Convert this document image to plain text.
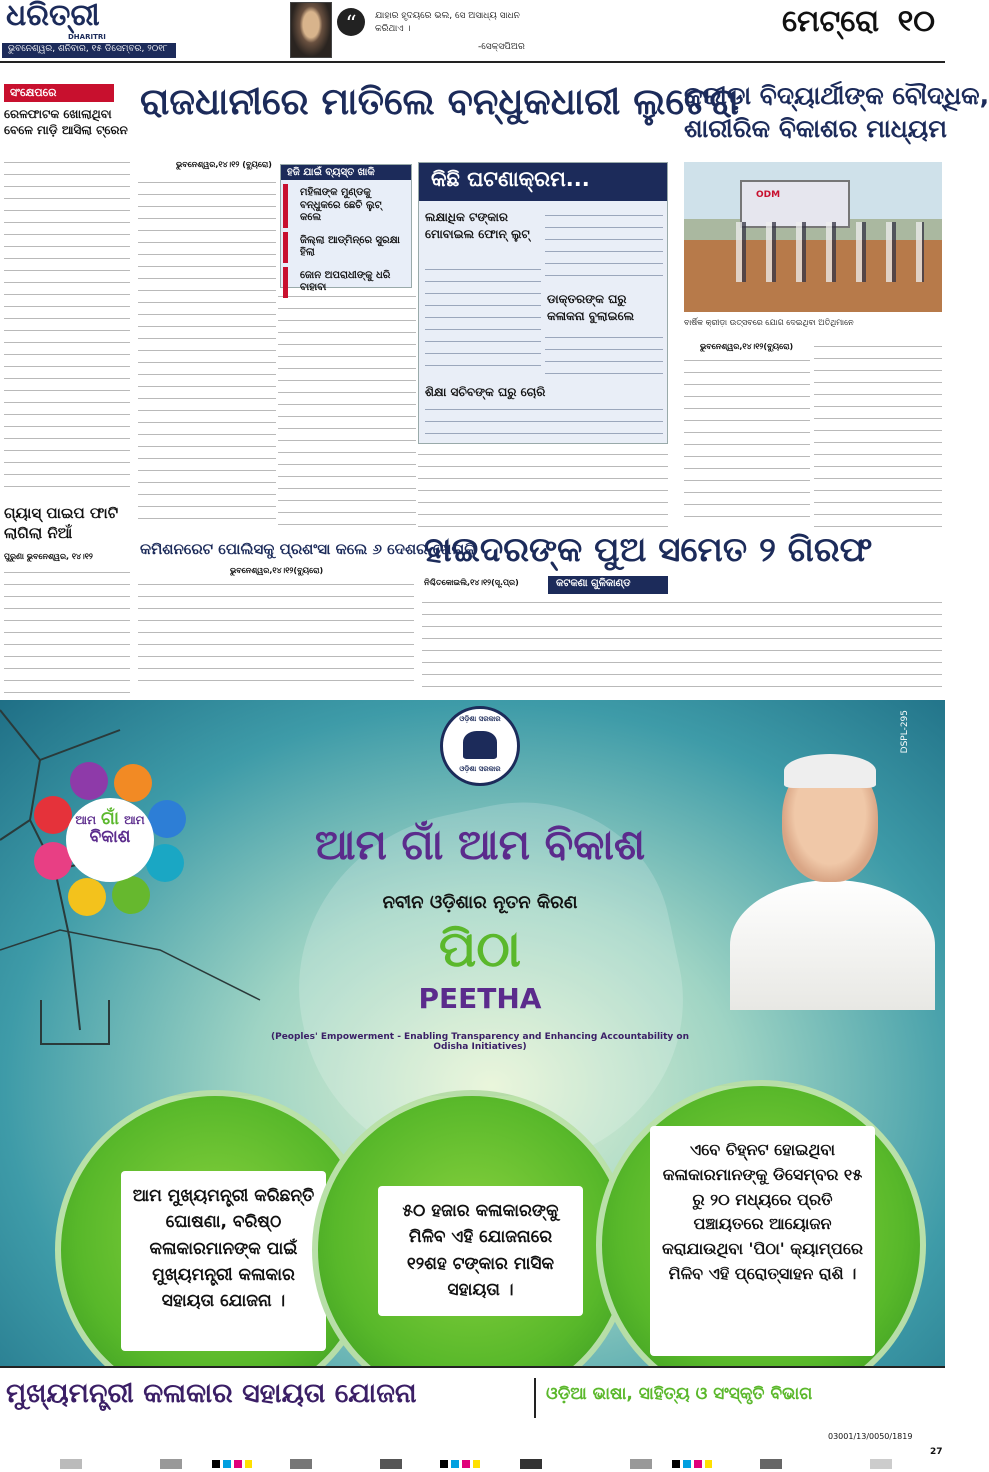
ଧରିତ୍ରୀ
DHARITRI
ଭୁବନେଶ୍ୱର, ଶନିବାର, ୧୫ ଡିସେମ୍ବର, ୨୦୧୮
“	ଯାହାର ହୃଦୟରେ ଭଲ, ସେ ଅସାଧ୍ୟ ସାଧନ କରିଥାଏ ।
-ସେକ୍ସପିଅର
ମେଟ୍ରୋ ୧୦
ସଂକ୍ଷେପରେ
ରେଳଫାଟକ ଖୋଲାଥିବା ବେଳେ ମାଡ଼ି ଆସିଲା ଟ୍ରେନ
ଗ୍ୟାସ୍ ପାଇପ ଫାଟି ଲାଗିଲା ନିଆଁ
ପୁରୁଣା ଭୁବନେଶ୍ୱର, ୧୪।୧୨
ରାଜଧାନୀରେ ମାତିଲେ ବନ୍ଧୁକଧାରୀ ଲୁଟେରା
ଭୁବନେଶ୍ୱର,୧୪।୧୨ (ବ୍ୟୁରୋ)
ହଜି ଯାଇଁ ବ୍ୟସ୍ତ ଖାକି
ମହିଳାଙ୍କ ମୁଣ୍ଡକୁ ବନ୍ଧୁକରେ ଛେଚି ଲୁଟ୍ କଲେ
ଜିଲ୍ଲା ଆଡ୍‌ମିନ୍‌ରେ ସୁରକ୍ଷା ହିଲା
ଜୋନ ଅପରାଧୀଙ୍କୁ ଧରି ବାହାବା
କିଛି ଘଟଣାକ୍ରମ...
ଲକ୍ଷାଧିକ ଟଙ୍କାର ମୋବାଇଲ ଫୋନ୍ ଲୁଟ୍
ଡାକ୍ତରଙ୍କ ଘରୁ କଳାକନା ବୁଲାଇଲେ
ଶିକ୍ଷା ସଚିବଙ୍କ ଘରୁ ଚୋରି
କ୍ରୀଡ଼ା ବିଦ୍ୟାର୍ଥୀଙ୍କ ବୌଦ୍ଧିକ,
ଶାରୀରିକ ବିକାଶର ମାଧ୍ୟମ
ODM
ବାର୍ଷିକ କ୍ରୀଡ଼ା ଉତ୍ସବରେ ଯୋଗ ଦେଇଥିବା ଅତିଥିମାନେ
ଭୁବନେଶ୍ୱର,୧୪।୧୨(ବ୍ୟୁରୋ)
କମିଶନରେଟ ପୋଲିସକୁ ପ୍ରଶଂସା କଲେ ୬ ଦେଶର ଖେଳାଳି
ଭୁବନେଶ୍ୱର,୧୪।୧୨(ବ୍ୟୁରୋ)
ହାଇଦରଙ୍କ ପୁଅ ସମେତ ୨ ଗିରଫ
ନିଶ୍ଚିତକୋଇଲି,୧୪।୧୨(ସୂ.ପ୍ର)	କଟକଣା ଗୁଳିକାଣ୍ଡ
ଆମ ଗାଁ ଆମ
ବିକାଶ
ଓଡ଼ିଶା ସରକାର
ଓଡ଼ିଶା ସରକାର
DSPL-295
ଆମ ଗାଁ ଆମ ବିକାଶ
ନବୀନ ଓଡ଼ିଶାର ନୂତନ କିରଣ
ପିଠା
PEETHA
(Peoples' Empowerment - Enabling Transparency and Enhancing Accountability on Odisha Initiatives)
ଆମ ମୁଖ୍ୟମନ୍ତ୍ରୀ କରିଛନ୍ତି ଘୋଷଣା, ବରିଷ୍ଠ କଳାକାରମାନଙ୍କ ପାଇଁ ମୁଖ୍ୟମନ୍ତ୍ରୀ କଳାକାର ସହାୟତା ଯୋଜନା ।
୫୦ ହଜାର କଳାକାରଙ୍କୁ ମିଳିବ ଏହି ଯୋଜନାରେ ୧୨ଶହ ଟଙ୍କାର ମାସିକ ସହାୟତା ।
ଏବେ ଚିହ୍ନଟ ହୋଇଥିବା କଳାକାରମାନଙ୍କୁ ଡିସେମ୍ବର ୧୫ ରୁ ୨୦ ମଧ୍ୟରେ ପ୍ରତି ପଞ୍ଚାୟତରେ ଆୟୋଜନ କରାଯାଉଥିବା 'ପିଠା' କ୍ୟାମ୍ପରେ ମିଳିବ ଏହି ପ୍ରୋତ୍ସାହନ ରାଶି ।
ମୁଖ୍ୟମନ୍ତ୍ରୀ କଳାକାର ସହାୟତା ଯୋଜନା	ଓଡ଼ିଆ ଭାଷା, ସାହିତ୍ୟ ଓ ସଂସ୍କୃତି ବିଭାଗ
03001/13/0050/1819
27
